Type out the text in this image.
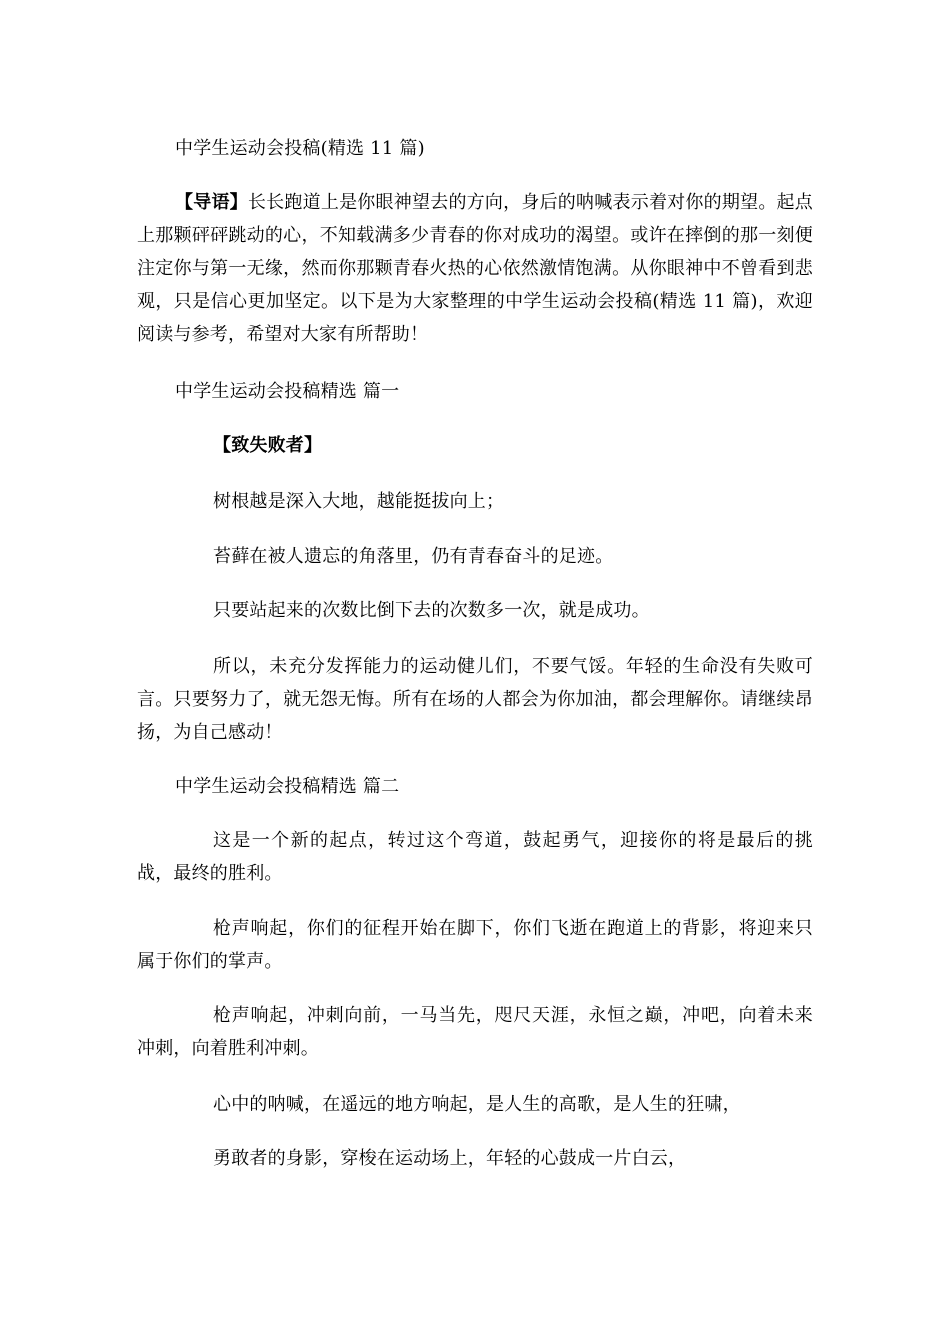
中学生运动会投稿(精选 11 篇)
【导语】长长跑道上是你眼神望去的方向，身后的呐喊表示着对你的期望。起点上那颗砰砰跳动的心，不知载满多少青春的你对成功的渴望。或许在摔倒的那一刻便注定你与第一无缘，然而你那颗青春火热的心依然激情饱满。从你眼神中不曾看到悲观，只是信心更加坚定。以下是为大家整理的中学生运动会投稿(精选 11 篇)，欢迎阅读与参考，希望对大家有所帮助！
中学生运动会投稿精选 篇一
【致失败者】
树根越是深入大地，越能挺拔向上；
苔藓在被人遗忘的角落里，仍有青春奋斗的足迹。
只要站起来的次数比倒下去的次数多一次，就是成功。
所以，未充分发挥能力的运动健儿们，不要气馁。年轻的生命没有失败可言。只要努力了，就无怨无悔。所有在场的人都会为你加油，都会理解你。请继续昂扬，为自己感动！
中学生运动会投稿精选 篇二
这是一个新的起点，转过这个弯道，鼓起勇气，迎接你的将是最后的挑战，最终的胜利。
枪声响起，你们的征程开始在脚下，你们飞逝在跑道上的背影，将迎来只属于你们的掌声。
枪声响起，冲刺向前，一马当先，咫尺天涯，永恒之巅，冲吧，向着未来冲刺，向着胜利冲刺。
心中的呐喊，在遥远的地方响起，是人生的高歌，是人生的狂啸，
勇敢者的身影，穿梭在运动场上，年轻的心鼓成一片白云，
